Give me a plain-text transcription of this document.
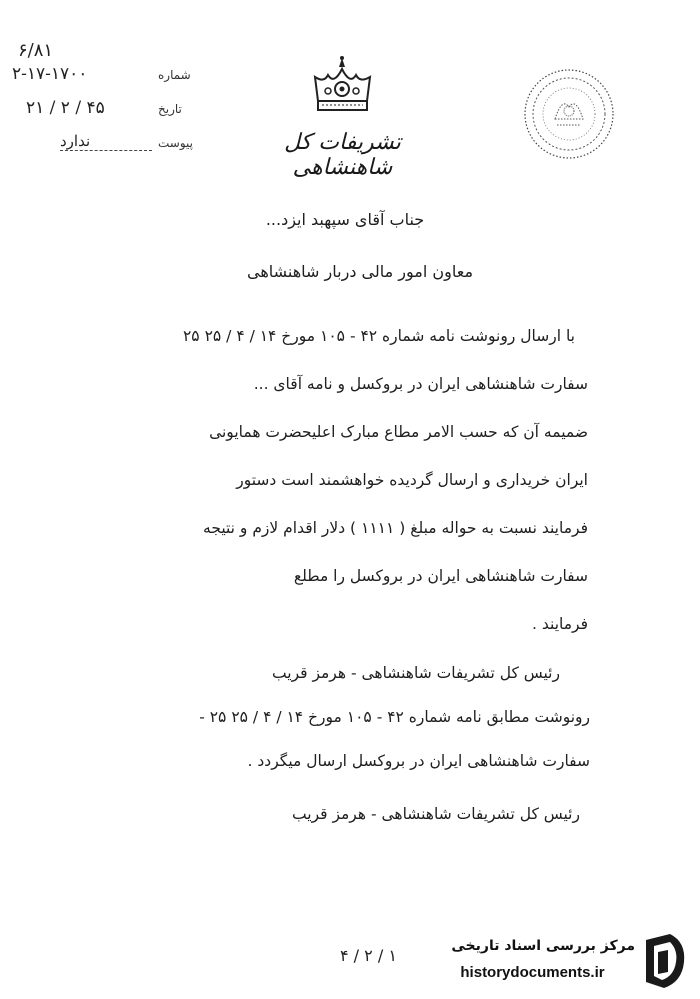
۶/۸۱
۲-۱۷-۱۷۰۰	شماره
۲۱ / ۲ / ۴۵	تاریخ
ندارد	پیوست	تشریفات کل شاهنشاهی
جناب آقای سپهبد ایزد...
معاون امور مالی دربار شاهنشاهی
با ارسال رونوشت نامه شماره ۴۲ - ۱۰۵ مورخ ۱۴ / ۴ / ۲۵ ۲۵
سفارت شاهنشاهی ایران در بروکسل و نامه آقای ...
ضمیمه آن که حسب الامر مطاع مبارک اعلیحضرت همایونی
ایران خریداری و ارسال گردیده خواهشمند است دستور
فرمایند نسبت به حواله مبلغ ( ۱۱۱۱ ) دلار اقدام لازم و نتیجه
سفارت شاهنشاهی ایران در بروکسل را مطلع
فرمایند .
رئیس کل تشریفات شاهنشاهی - هرمز قریب
رونوشت مطابق نامه شماره ۴۲ - ۱۰۵ مورخ ۱۴ / ۴ / ۲۵ ۲۵ -
سفارت شاهنشاهی ایران در بروکسل ارسال میگردد .
رئیس کل تشریفات شاهنشاهی - هرمز قریب
۴ / ۲ / ۱	مرکز بررسی اسناد تاریخی
historydocuments.ir
